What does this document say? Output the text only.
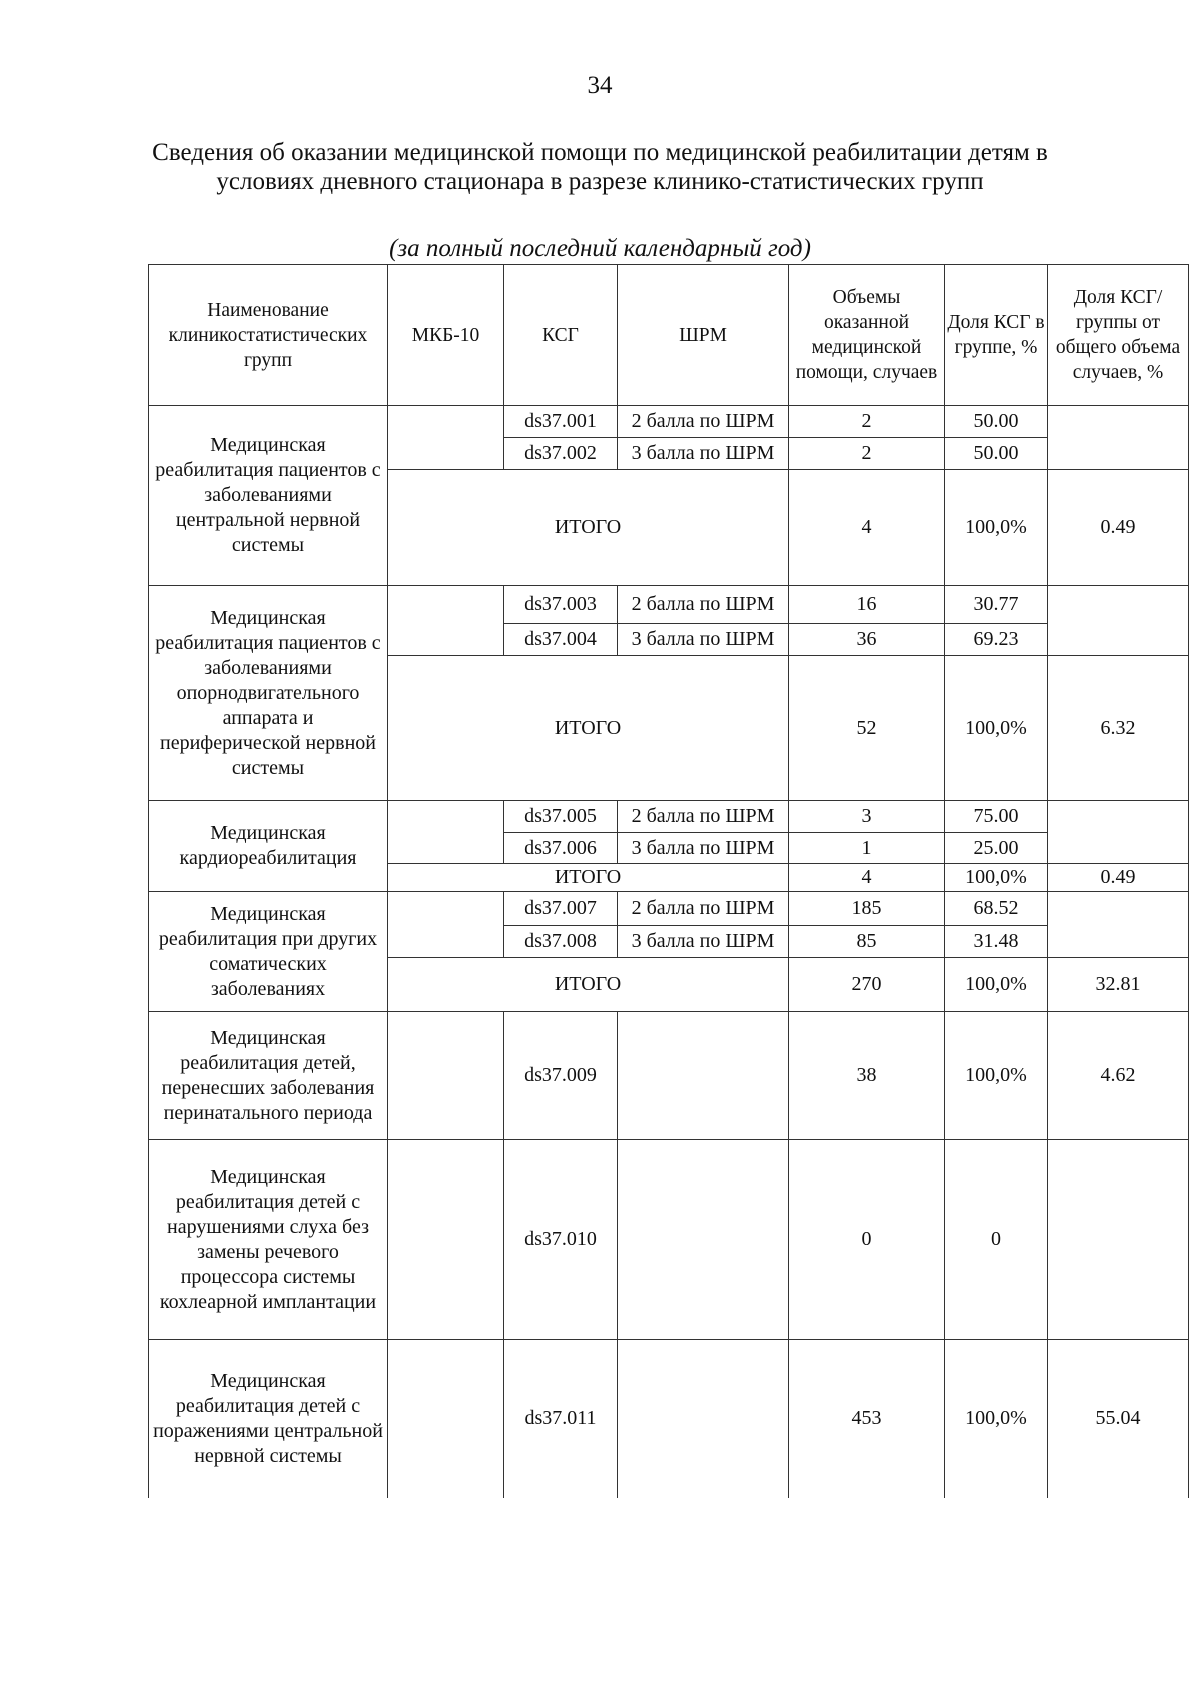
34
Сведения об оказании медицинской помощи по медицинской реабилитации детям в условиях дневного стационара в разрезе клинико-статистических групп
(за полный последний календарный год)
Наименование клиникостатистических групп	МКБ-10	КСГ	ШРМ	Объемы оказанной медицинской помощи, случаев	Доля КСГ в группе, %	Доля КСГ/группы от общего объема случаев, %
Медицинская реабилитация пациентов с заболеваниями центральной нервной системы		ds37.001	2 балла по ШРМ	2	50.00	
		ds37.002	3 балла по ШРМ	2	50.00	
	ИТОГО			4	100,0%	0.49
Медицинская реабилитация пациентов с заболеваниями опорнодвигательного аппарата и периферической нервной системы		ds37.003	2 балла по ШРМ	16	30.77	
		ds37.004	3 балла по ШРМ	36	69.23	
	ИТОГО			52	100,0%	6.32
Медицинская кардиореабилитация		ds37.005	2 балла по ШРМ	3	75.00	
		ds37.006	3 балла по ШРМ	1	25.00	
	ИТОГО			4	100,0%	0.49
Медицинская реабилитация при других соматических заболеваниях		ds37.007	2 балла по ШРМ	185	68.52	
		ds37.008	3 балла по ШРМ	85	31.48	
	ИТОГО			270	100,0%	32.81
Медицинская реабилитация детей, перенесших заболевания перинатального периода		ds37.009		38	100,0%	4.62
Медицинская реабилитация детей с нарушениями слуха без замены речевого процессора системы кохлеарной имплантации		ds37.010		0	0	
Медицинская реабилитация детей с поражениями центральной нервной системы		ds37.011		453	100,0%	55.04
